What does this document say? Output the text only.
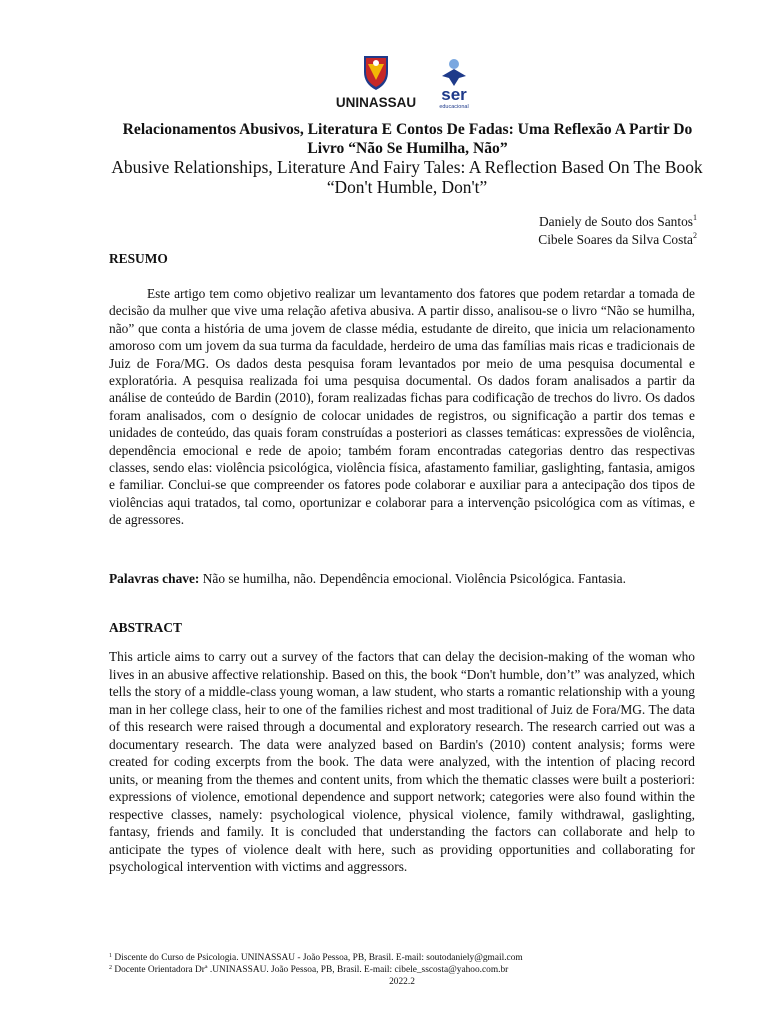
UNINASSAU ser
educacional
Relacionamentos Abusivos, Literatura E Contos De Fadas: Uma Reflexão A Partir Do Livro “Não Se Humilha, Não”
Abusive Relationships, Literature And Fairy Tales: A Reflection Based On The Book “Don't Humble, Don't”
Daniely de Souto dos Santos$^1$
Cibele Soares da Silva Costa$^2$
RESUMO

Este artigo tem como objetivo realizar um levantamento dos fatores que podem retardar a tomada de decisão da mulher que vive uma relação afetiva abusiva. A partir disso, analisou-se o livro “Não se humilha, não” que conta a história de uma jovem de classe média, estudante de direito, que inicia um relacionamento amoroso com um jovem da sua turma da faculdade, herdeiro de uma das famílias mais ricas e tradicionais de Juiz de Fora/MG. Os dados desta pesquisa foram levantados por meio de uma pesquisa documental e exploratória. A pesquisa realizada foi uma pesquisa documental. Os dados foram analisados a partir da análise de conteúdo de Bardin (2010), foram realizadas fichas para codificação de trechos do livro. Os dados foram analisados, com o desígnio de colocar unidades de registros, ou significação a partir dos temas e unidades de conteúdo, das quais foram construídas a posteriori as classes temáticas: expressões de violência, dependência emocional e rede de apoio; também foram encontradas categorias dentro das respectivas classes, sendo elas: violência psicológica, violência física, afastamento familiar, gaslighting, fantasia, amigos e familiar. Conclui-se que compreender os fatores pode colaborar e auxiliar para a antecipação dos tipos de violências aqui tratados, tal como, oportunizar e colaborar para a intervenção psicológica com as vítimas, e de agressores.

Palavras chave: Não se humilha, não. Dependência emocional. Violência Psicológica. Fantasia.

ABSTRACT

This article aims to carry out a survey of the factors that can delay the decision-making of the woman who lives in an abusive affective relationship. Based on this, the book “Don't humble, don’t” was analyzed, which tells the story of a middle-class young woman, a law student, who starts a romantic relationship with a young man in her college class, heir to one of the families richest and most traditional of Juiz de Fora/MG. The data of this research were raised through a documental and exploratory research. The research carried out was a documentary research. The data were analyzed based on Bardin's (2010) content analysis; forms were created for coding excerpts from the book. The data were analyzed, with the intention of placing record units, or meaning from the themes and content units, from which the thematic classes were built a posteriori: expressions of violence, emotional dependence and support network; categories were also found within the respective classes, namely: psychological violence, physical violence, family withdrawal, gaslighting, fantasy, friends and family. It is concluded that understanding the factors can collaborate and help to anticipate the types of violence dealt with here, such as providing opportunities and collaborating for psychological intervention with victims and aggressors.

$^1$ Discente do Curso de Psicologia. UNINASSAU - João Pessoa, PB, Brasil. E-mail: soutodaniely@gmail.com
$^2$ Docente Orientadora Drª .UNINASSAU. João Pessoa, PB, Brasil. E-mail: cibele_sscosta@yahoo.com.br
2022.2
